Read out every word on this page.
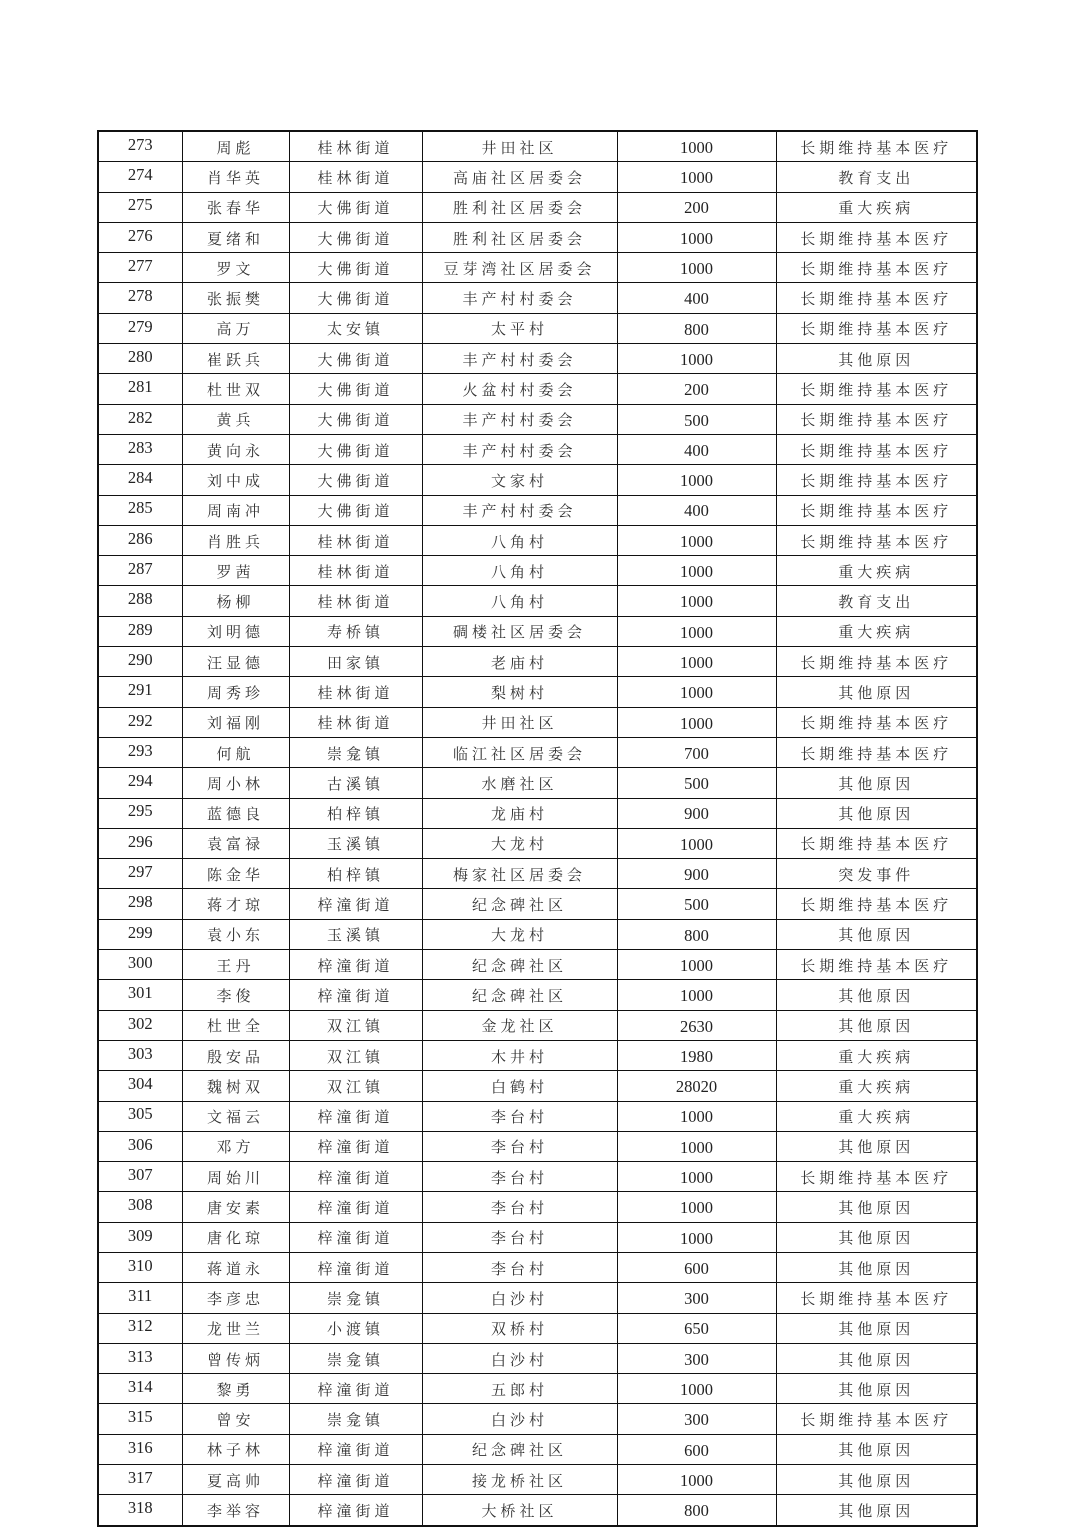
273	周彪	桂林街道	井田社区	1000	长期维持基本医疗
274	肖华英	桂林街道	高庙社区居委会	1000	教育支出
275	张春华	大佛街道	胜利社区居委会	200	重大疾病
276	夏绪和	大佛街道	胜利社区居委会	1000	长期维持基本医疗
277	罗文	大佛街道	豆芽湾社区居委会	1000	长期维持基本医疗
278	张振樊	大佛街道	丰产村村委会	400	长期维持基本医疗
279	高万	太安镇	太平村	800	长期维持基本医疗
280	崔跃兵	大佛街道	丰产村村委会	1000	其他原因
281	杜世双	大佛街道	火盆村村委会	200	长期维持基本医疗
282	黄兵	大佛街道	丰产村村委会	500	长期维持基本医疗
283	黄向永	大佛街道	丰产村村委会	400	长期维持基本医疗
284	刘中成	大佛街道	文家村	1000	长期维持基本医疗
285	周南冲	大佛街道	丰产村村委会	400	长期维持基本医疗
286	肖胜兵	桂林街道	八角村	1000	长期维持基本医疗
287	罗茜	桂林街道	八角村	1000	重大疾病
288	杨柳	桂林街道	八角村	1000	教育支出
289	刘明德	寿桥镇	碉楼社区居委会	1000	重大疾病
290	汪显德	田家镇	老庙村	1000	长期维持基本医疗
291	周秀珍	桂林街道	梨树村	1000	其他原因
292	刘福刚	桂林街道	井田社区	1000	长期维持基本医疗
293	何航	崇龛镇	临江社区居委会	700	长期维持基本医疗
294	周小林	古溪镇	水磨社区	500	其他原因
295	蓝德良	柏梓镇	龙庙村	900	其他原因
296	袁富禄	玉溪镇	大龙村	1000	长期维持基本医疗
297	陈金华	柏梓镇	梅家社区居委会	900	突发事件
298	蒋才琼	梓潼街道	纪念碑社区	500	长期维持基本医疗
299	袁小东	玉溪镇	大龙村	800	其他原因
300	王丹	梓潼街道	纪念碑社区	1000	长期维持基本医疗
301	李俊	梓潼街道	纪念碑社区	1000	其他原因
302	杜世全	双江镇	金龙社区	2630	其他原因
303	殷安品	双江镇	木井村	1980	重大疾病
304	魏树双	双江镇	白鹤村	28020	重大疾病
305	文福云	梓潼街道	李台村	1000	重大疾病
306	邓方	梓潼街道	李台村	1000	其他原因
307	周始川	梓潼街道	李台村	1000	长期维持基本医疗
308	唐安素	梓潼街道	李台村	1000	其他原因
309	唐化琼	梓潼街道	李台村	1000	其他原因
310	蒋道永	梓潼街道	李台村	600	其他原因
311	李彦忠	崇龛镇	白沙村	300	长期维持基本医疗
312	龙世兰	小渡镇	双桥村	650	其他原因
313	曾传炳	崇龛镇	白沙村	300	其他原因
314	黎勇	梓潼街道	五郎村	1000	其他原因
315	曾安	崇龛镇	白沙村	300	长期维持基本医疗
316	林子林	梓潼街道	纪念碑社区	600	其他原因
317	夏高帅	梓潼街道	接龙桥社区	1000	其他原因
318	李举容	梓潼街道	大桥社区	800	其他原因
